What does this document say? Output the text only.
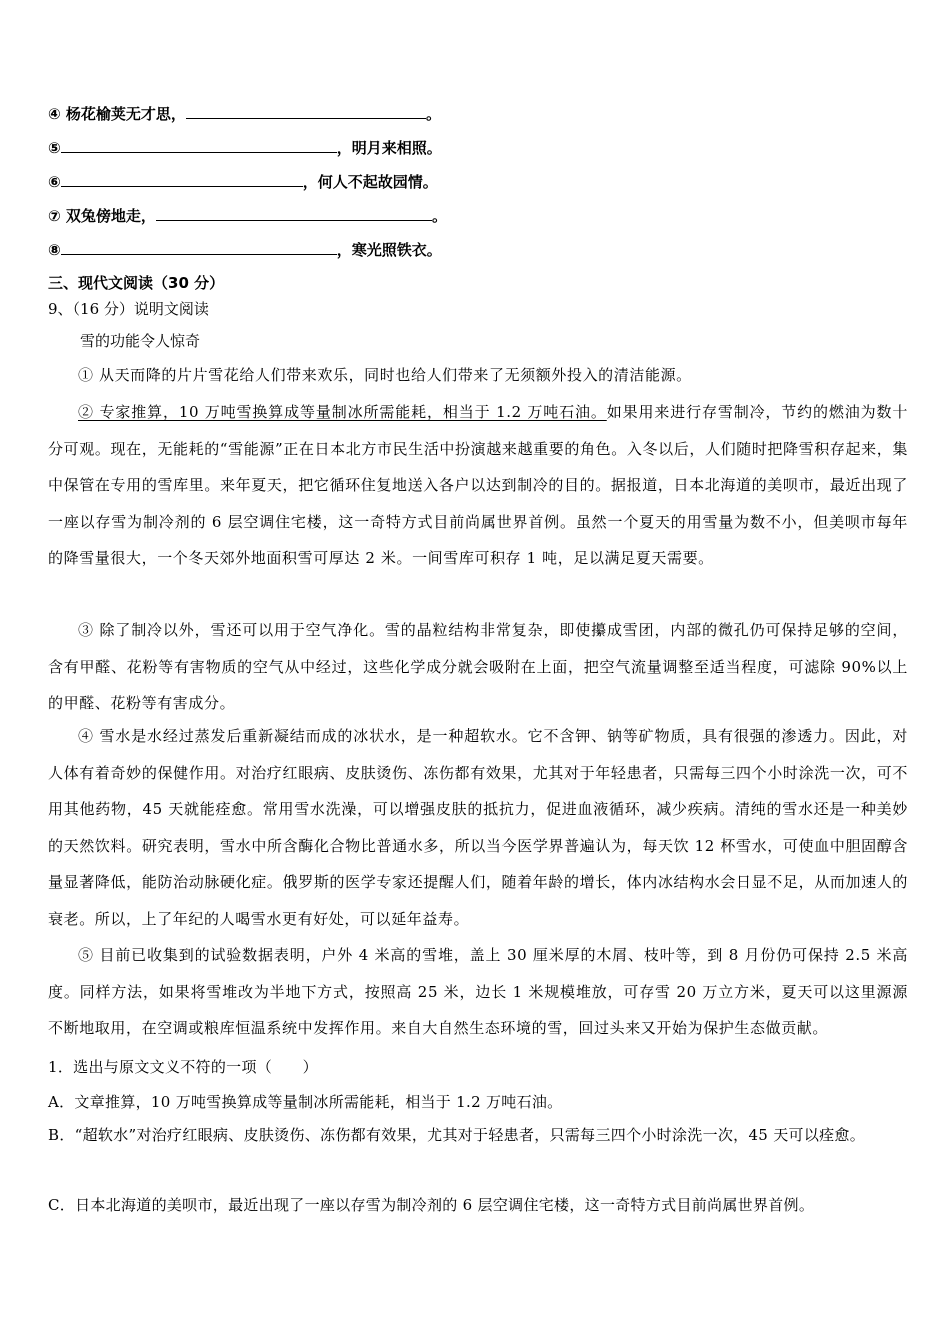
④ 杨花榆荚无才思，	。
⑤	，明月来相照。
⑥	，何人不起故园情。
⑦ 双兔傍地走，	。
⑧	，寒光照铁衣。
三、现代文阅读（30 分）
9、（16 分）说明文阅读
雪的功能令人惊奇
① 从天而降的片片雪花给人们带来欢乐，同时也给人们带来了无须额外投入的清洁能源。
② 专家推算，10 万吨雪换算成等量制冰所需能耗，相当于 1.2 万吨石油。如果用来进行存雪制冷，节约的燃油为数十分可观。现在，无能耗的“雪能源”正在日本北方市民生活中扮演越来越重要的角色。入冬以后，人们随时把降雪积存起来，集中保管在专用的雪库里。来年夏天，把它循环住复地送入各户以达到制冷的目的。据报道，日本北海道的美呗市，最近出现了一座以存雪为制冷剂的 6 层空调住宅楼，这一奇特方式目前尚属世界首例。虽然一个夏天的用雪量为数不小，但美呗市每年的降雪量很大，一个冬天郊外地面积雪可厚达 2 米。一间雪库可积存 1 吨，足以满足夏天需要。
③ 除了制冷以外，雪还可以用于空气净化。雪的晶粒结构非常复杂，即使攥成雪团，内部的微孔仍可保持足够的空间，含有甲醛、花粉等有害物质的空气从中经过，这些化学成分就会吸附在上面，把空气流量调整至适当程度，可滤除 90%以上的甲醛、花粉等有害成分。
④ 雪水是水经过蒸发后重新凝结而成的冰状水，是一种超软水。它不含钾、钠等矿物质，具有很强的渗透力。因此，对人体有着奇妙的保健作用。对治疗红眼病、皮肤烫伤、冻伤都有效果，尤其对于年轻患者，只需每三四个小时涂洗一次，可不用其他药物，45 天就能痊愈。常用雪水洗澡，可以增强皮肤的抵抗力，促进血液循环，减少疾病。清纯的雪水还是一种美妙的天然饮料。研究表明，雪水中所含酶化合物比普通水多，所以当今医学界普遍认为，每天饮 12 杯雪水，可使血中胆固醇含量显著降低，能防治动脉硬化症。俄罗斯的医学专家还提醒人们，随着年龄的增长，体内冰结构水会日显不足，从而加速人的衰老。所以，上了年纪的人喝雪水更有好处，可以延年益寿。
⑤ 目前已收集到的试验数据表明，户外 4 米高的雪堆，盖上 30 厘米厚的木屑、枝叶等，到 8 月份仍可保持 2.5 米高度。同样方法，如果将雪堆改为半地下方式，按照高 25 米，边长 1 米规模堆放，可存雪 20 万立方米，夏天可以这里源源不断地取用，在空调或粮库恒温系统中发挥作用。来自大自然生态环境的雪，回过头来又开始为保护生态做贡献。
1．选出与原文文义不符的一项（　　）
A．文章推算，10 万吨雪换算成等量制冰所需能耗，相当于 1.2 万吨石油。
B．“超软水”对治疗红眼病、皮肤烫伤、冻伤都有效果，尤其对于轻患者，只需每三四个小时涂洗一次，45 天可以痊愈。
C．日本北海道的美呗市，最近出现了一座以存雪为制冷剂的 6 层空调住宅楼，这一奇特方式目前尚属世界首例。
